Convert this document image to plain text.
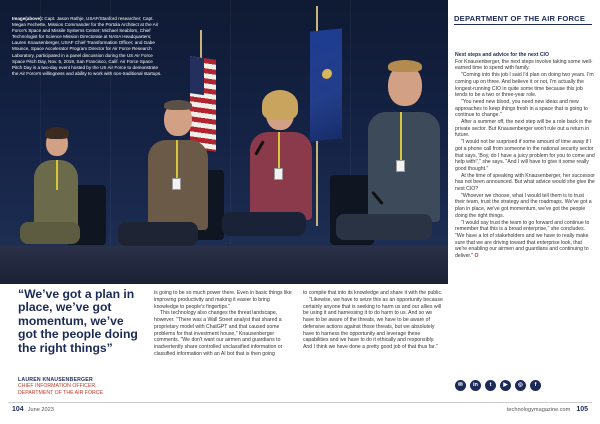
Image(above): Capt. Jason Rathje, USAF/Stanford researcher; Capt. Megan Fechette, Mission Commander for the Portola Architect at the Air Force's Space and Missile Systems Center; Michael Seablom, Chief Technologist for Science Mission Directorate at NASA Headquarters; Lauren Knausenberger, USAF Chief Transformation Officer; and Gabe Mounce, Space Accelerator Program Director for Air Force Research Laboratory, participated in a panel discussion during the US Air Force Space Pitch Day, Nov. 5, 2019, San Francisco, Calif. Air Force Space Pitch Day is a two-day event hosted by the US Air Force to demonstrate the Air Force's willingness and ability to work with non-traditional startups.
DEPARTMENT OF THE AIR FORCE

Next steps and advice for the next CIO

For Knausenberger, the next steps involve taking some well-earned time to spend with family.

"Coming into this job I said I'd plan on doing two years. I'm coming up on three. And believe it or not, I'm actually the longest-running CIO in quite some time because this job tends to be a two or three-year role.

"You need new blood, you need new ideas and new approaches to keep things fresh in a space that is going to continue to change."

After a summer off, the next step will be a role back in the private sector. But Knausenberger won't rule out a return in future.

"I would not be surprised if some amount of time away if I got a phone call from someone in the national security sector that says, 'Boy, do I have a juicy problem for you to come and help with!'," she says. "And I will have to give it some really good thought."

At the time of speaking with Knausenberger, her successor has not been announced. But what advice would she give the next CIO?

"Whoever we choose, what I would tell them is to trust their team, trust the strategy and the roadmaps. We've got a plan in place, we've got momentum, we've got the people doing the right things.

"I would say trust the team to go forward and continue to remember that this is a broad enterprise," she concludes. "We have a lot of stakeholders and we have to really make sure that we are driving toward that enterprise look, that we're enabling our airmen and guardians and continuing to deliver." O

“We’ve got a plan in place, we’ve got momentum, we’ve got the people doing the right things”
LAUREN KNAUSENBERGER
CHIEF INFORMATION OFFICER,
DEPARTMENT OF THE AIR FORCE

is going to be so much power there. Even in basic things like improving productivity and making it easier to bring knowledge to people's fingertips."

This technology also changes the threat landscape, however. "There was a Wall Street analyst that shared a proprietary model with ChatGPT and that caused some problems for that investment house," Knausenberger comments. "We don't want our airmen and guardians to inadvertently share controlled unclassified information or classified information with an AI bot that is then going

to compile that into its knowledge and share it with the public.

"Likewise, we have to seize this as an opportunity because certainly anyone that is seeking to harm us and our allies will be using it and harnessing it to do harm to us. And so we have to be aware of the threats, we have to be aware of defensive actions against those threats, but we absolutely have to harness the opportunity and leverage these capabilities and we have to do it ethically and responsibly. And I think we have done a pretty good job of that thus far."

✉	in	t	▶	◎	f
104 June 2023	technologymagazine.com 105
